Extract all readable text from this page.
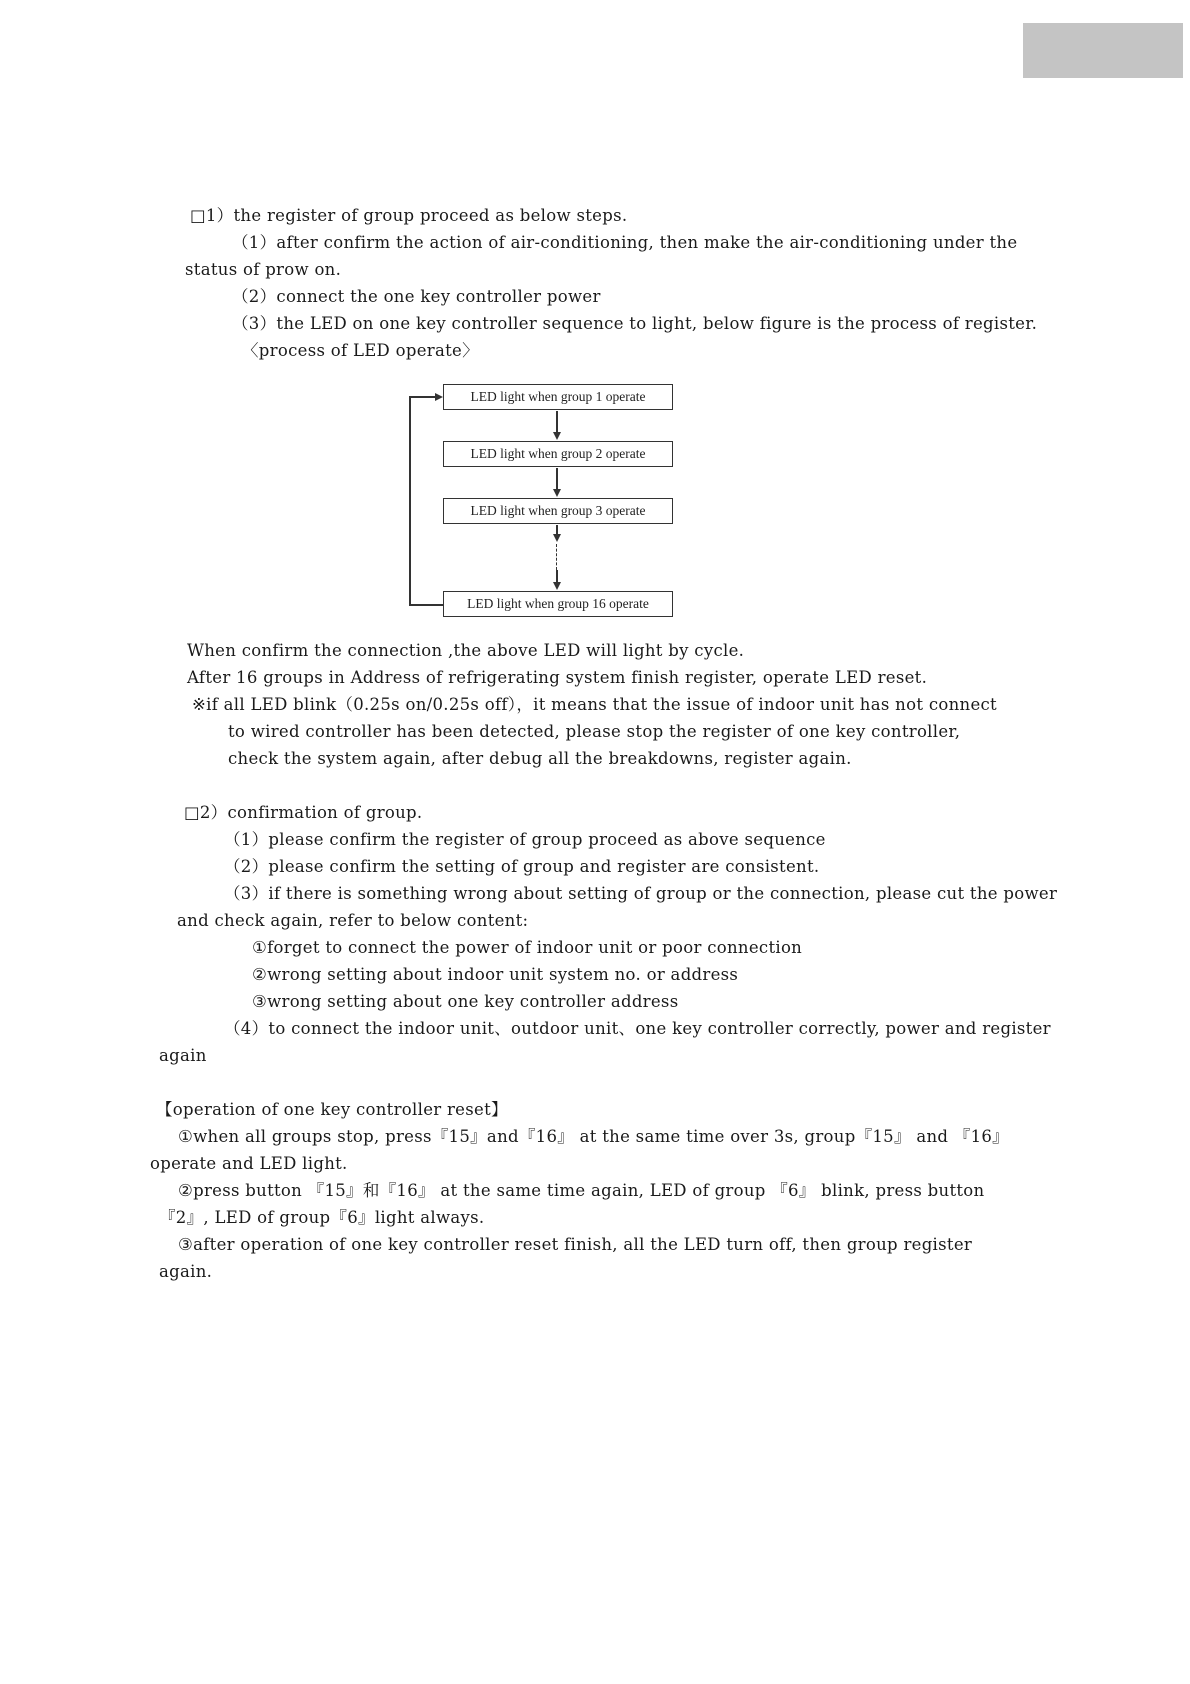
□1）the register of group proceed as below steps.
（1）after confirm the action of air-conditioning, then make the air-conditioning under the
status of prow on.
（2）connect the one key controller power
（3）the LED on one key controller sequence to light, below figure is the process of register.
〈process of LED operate〉
LED light when group 1 operate
LED light when group 2 operate
LED light when group 3 operate
LED light when group 16 operate
When confirm the connection ,the above LED will light by cycle.
After 16 groups in Address of refrigerating system finish register, operate LED reset.
※if all LED blink（0.25s on/0.25s off），it means that the issue of indoor unit has not connect
to wired controller has been detected, please stop the register of one key controller,
check the system again, after debug all the breakdowns, register again.
□2）confirmation of group.
（1）please confirm the register of group proceed as above sequence
（2）please confirm the setting of group and register are consistent.
（3）if there is something wrong about setting of group or the connection, please cut the power
and check again, refer to below content:
①forget to connect the power of indoor unit or poor connection
②wrong setting about indoor unit system no. or address
③wrong setting about one key controller address
（4）to connect the indoor unit、outdoor unit、one key controller correctly, power and register
again
【operation of one key controller reset】
①when all groups stop, press『15』and『16』 at the same time over 3s, group『15』 and 『16』
operate and LED light.
②press button 『15』和『16』 at the same time again, LED of group 『6』 blink, press button
『2』, LED of group『6』light always.
③after operation of one key controller reset finish, all the LED turn off, then group register
again.
